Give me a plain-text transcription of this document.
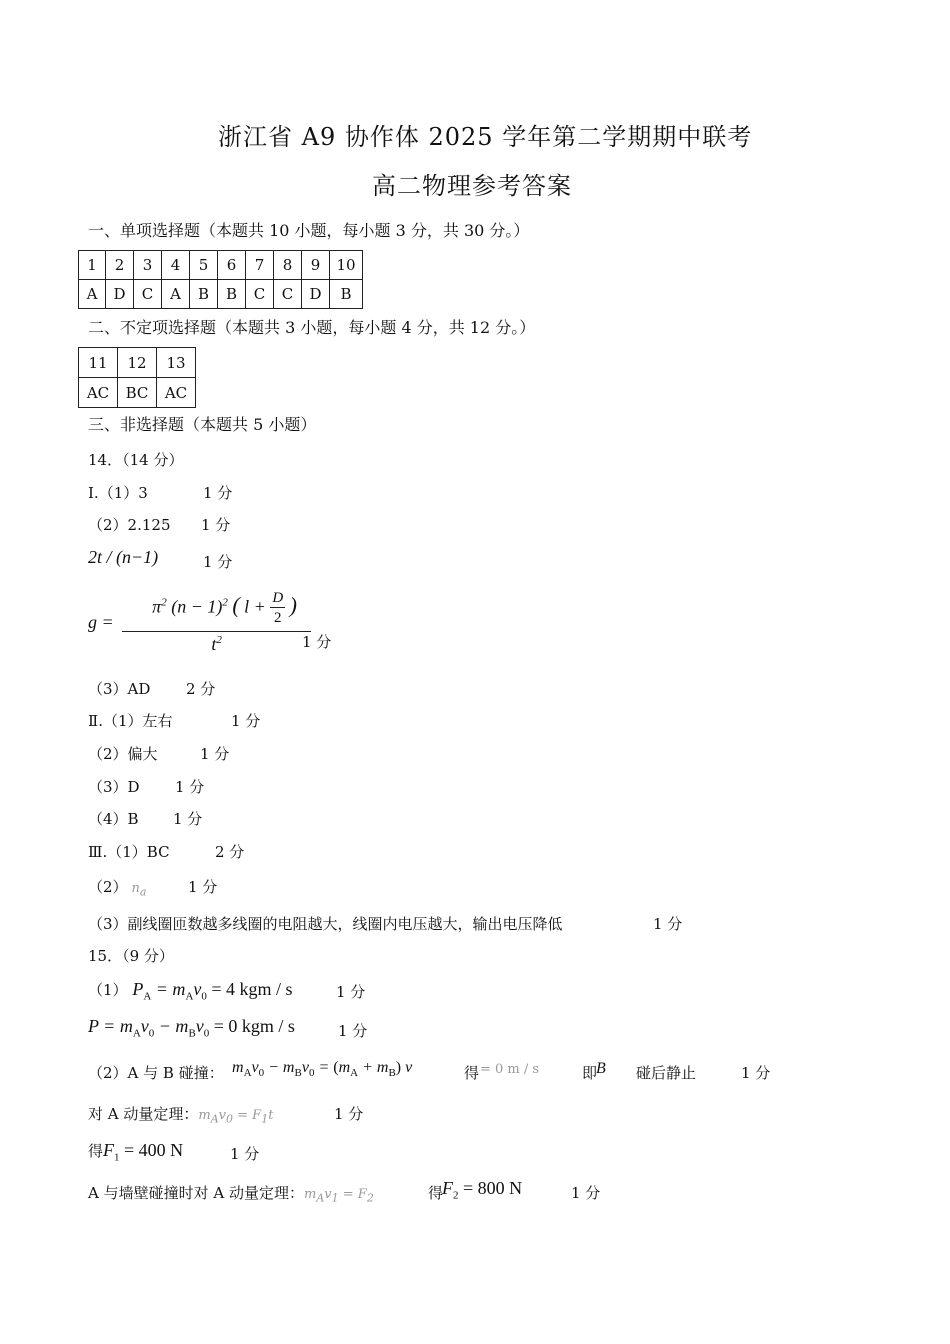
浙江省 A9 协作体 2025 学年第二学期期中联考
高二物理参考答案
一、单项选择题（本题共 10 小题，每小题 3 分，共 30 分。）
1	2	3	4	5	6	7	8	9	10
A	D	C	A	B	B	C	C	D	B
二、不定项选择题（本题共 3 小题，每小题 4 分，共 12 分。）
11	12	13
AC	BC	AC
三、非选择题（本题共 5 小题）
14．（14 分）
Ⅰ.（1）3	1 分
（2）2.125 1 分
2t / (n−1)	1 分
$g = \frac{\pi^2 (n - 1)^2 ( l + \frac{D}{2} )}{t^2}$
1 分
（3）AD 2 分
Ⅱ.（1）左右	1 分
（2）偏大	1 分
（3）D 1 分
（4）B 1 分
Ⅲ.（1）BC	2 分
（2） $n_a$	1 分
（3）副线圈匝数越多线圈的电阻越大，线圈内电压越大，输出电压降低	1 分
15．（9 分）
（1） $P_A = m_Av_0 = 4$ kgm / s	1 分
$P = m_Av_0 - m_Bv_0 = 0$ kgm / s	1 分
（2）A 与 B 碰撞： $m_Av_0 - m_Bv_0 = (m_A + m_B)$ v	得 = 0 m / s	即
B 碰后静止	1 分
对 A 动量定理：$m_Av_0 = F_1t$	1 分
得$F_1 = 400$ N	1 分
A 与墙壁碰撞时对 A 动量定理：$m_Av_1 = F_2$	得
$F_2 = 800$ N	1 分
